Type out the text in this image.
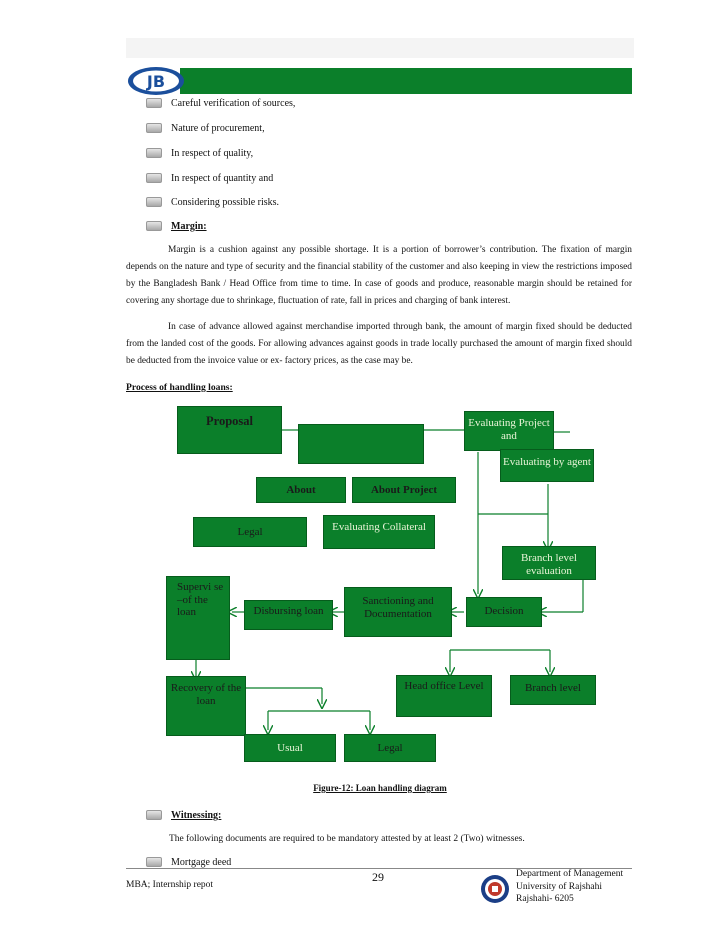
JB
Careful verification of sources,
Nature of procurement,
In respect of quality,
In respect of quantity and
Considering possible risks.
Margin:

Margin is a cushion against any possible shortage. It is a portion of borrower’s contribution. The fixation of margin depends on the nature and type of security and the financial stability of the customer and also keeping in view the restrictions imposed by the Bangladesh Bank / Head Office from time to time. In case of goods and produce, reasonable margin should be retained for covering any shortage due to shrinkage, fluctuation of rate, fall in prices and charging of bank interest.

In case of advance allowed against merchandise imported through bank, the amount of margin fixed should be deducted from the landed cost of the goods. For allowing advances against goods in trade locally purchased the amount of margin fixed should be deducted from the invoice value or ex- factory prices, as the case may be.

Process of handling loans:
Proposal	Evaluating Project and
Evaluating by agent
About	About Project
Legal	Evaluating Collateral
Branch level evaluation
Supervi se –of the loan	Disbursing loan
Sanctioning and Documentation	Decision
Recovery of the loan
Head office Level	Branch level
Usual	Legal
Figure-12: Loan handling diagram
Witnessing:
The following documents are required to be mandatory attested by at least 2 (Two) witnesses.
Mortgage deed
29
MBA; Internship repot
Department of Management
University of Rajshahi
Rajshahi- 6205
